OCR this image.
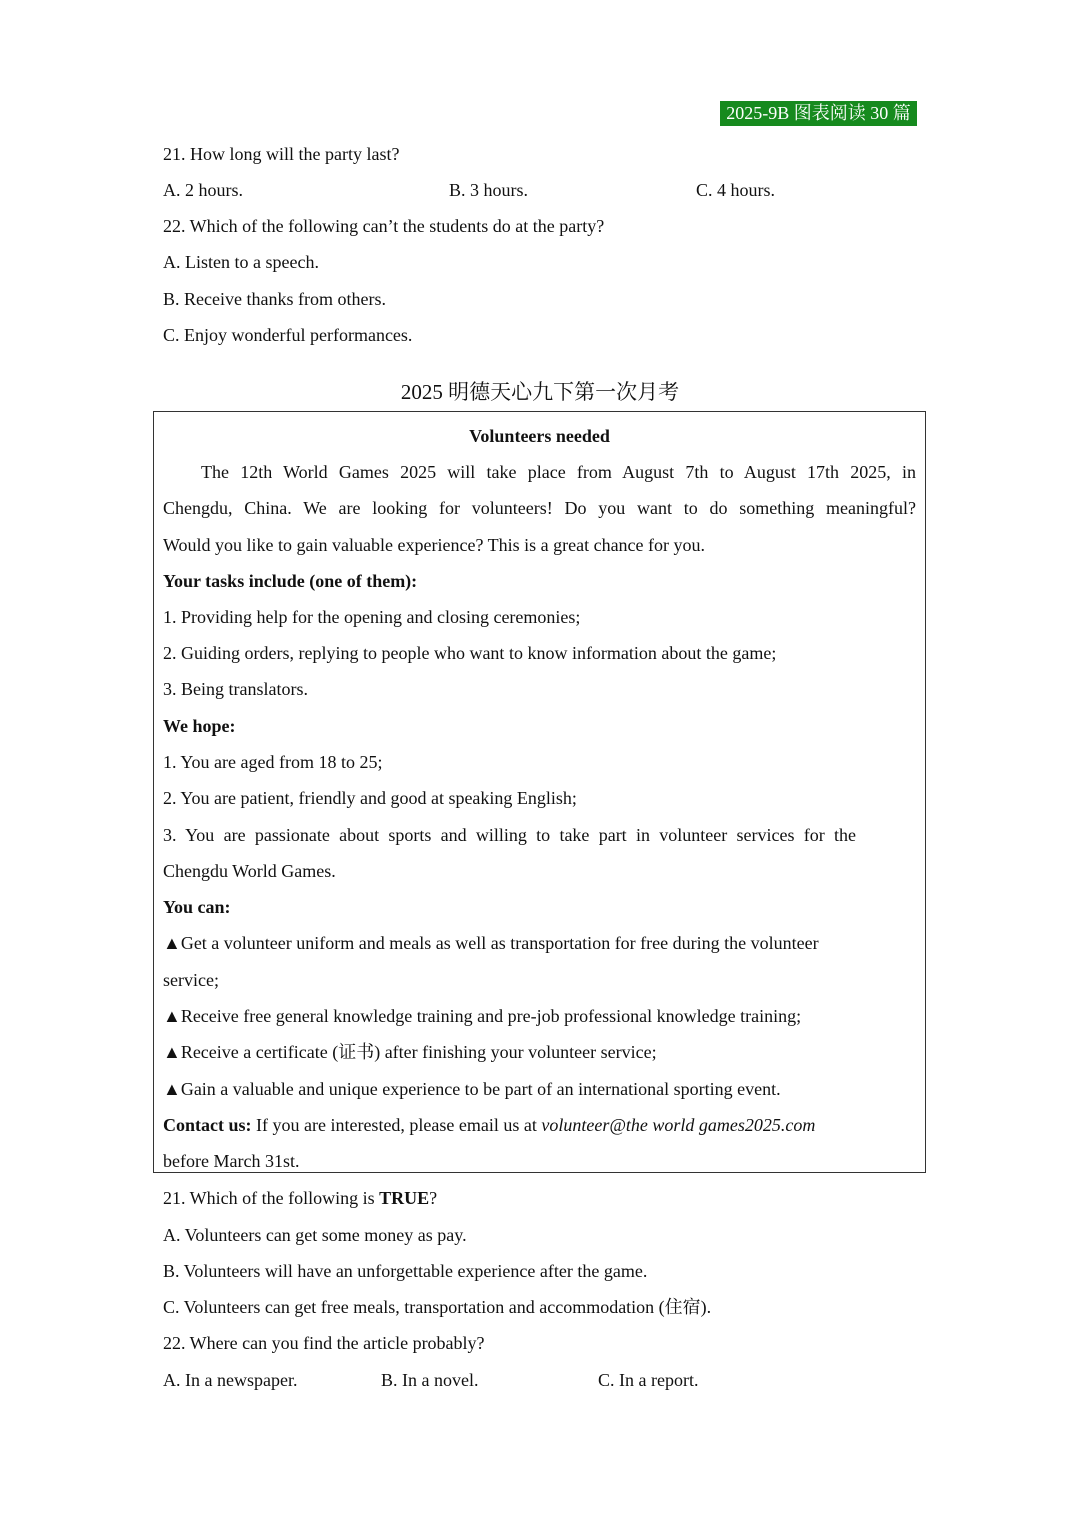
2025-9B 图表阅读 30 篇
21. How long will the party last?
A. 2 hours.	B. 3 hours.	C. 4 hours.
22. Which of the following can’t the students do at the party?
A. Listen to a speech.
B. Receive thanks from others.
C. Enjoy wonderful performances.
2025 明德天心九下第一次月考
Volunteers needed
The 12th World Games 2025 will take place from August 7th to August 17th 2025, in
Chengdu, China. We are looking for volunteers! Do you want to do something meaningful?
Would you like to gain valuable experience? This is a great chance for you.
Your tasks include (one of them):
1. Providing help for the opening and closing ceremonies;
2. Guiding orders, replying to people who want to know information about the game;
3. Being translators.
We hope:
1. You are aged from 18 to 25;
2. You are patient, friendly and good at speaking English;
3. You are passionate about sports and willing to take part in volunteer services for the
Chengdu World Games.
You can:
▲Get a volunteer uniform and meals as well as transportation for free during the volunteer
service;
▲Receive free general knowledge training and pre-job professional knowledge training;
▲Receive a certificate (证书) after finishing your volunteer service;
▲Gain a valuable and unique experience to be part of an international sporting event.
Contact us: If you are interested, please email us at volunteer@the world games2025.com
before March 31st.
21. Which of the following is TRUE?
A. Volunteers can get some money as pay.
B. Volunteers will have an unforgettable experience after the game.
C. Volunteers can get free meals, transportation and accommodation (住宿).
22. Where can you find the article probably?
A. In a newspaper.	B. In a novel.	C. In a report.
